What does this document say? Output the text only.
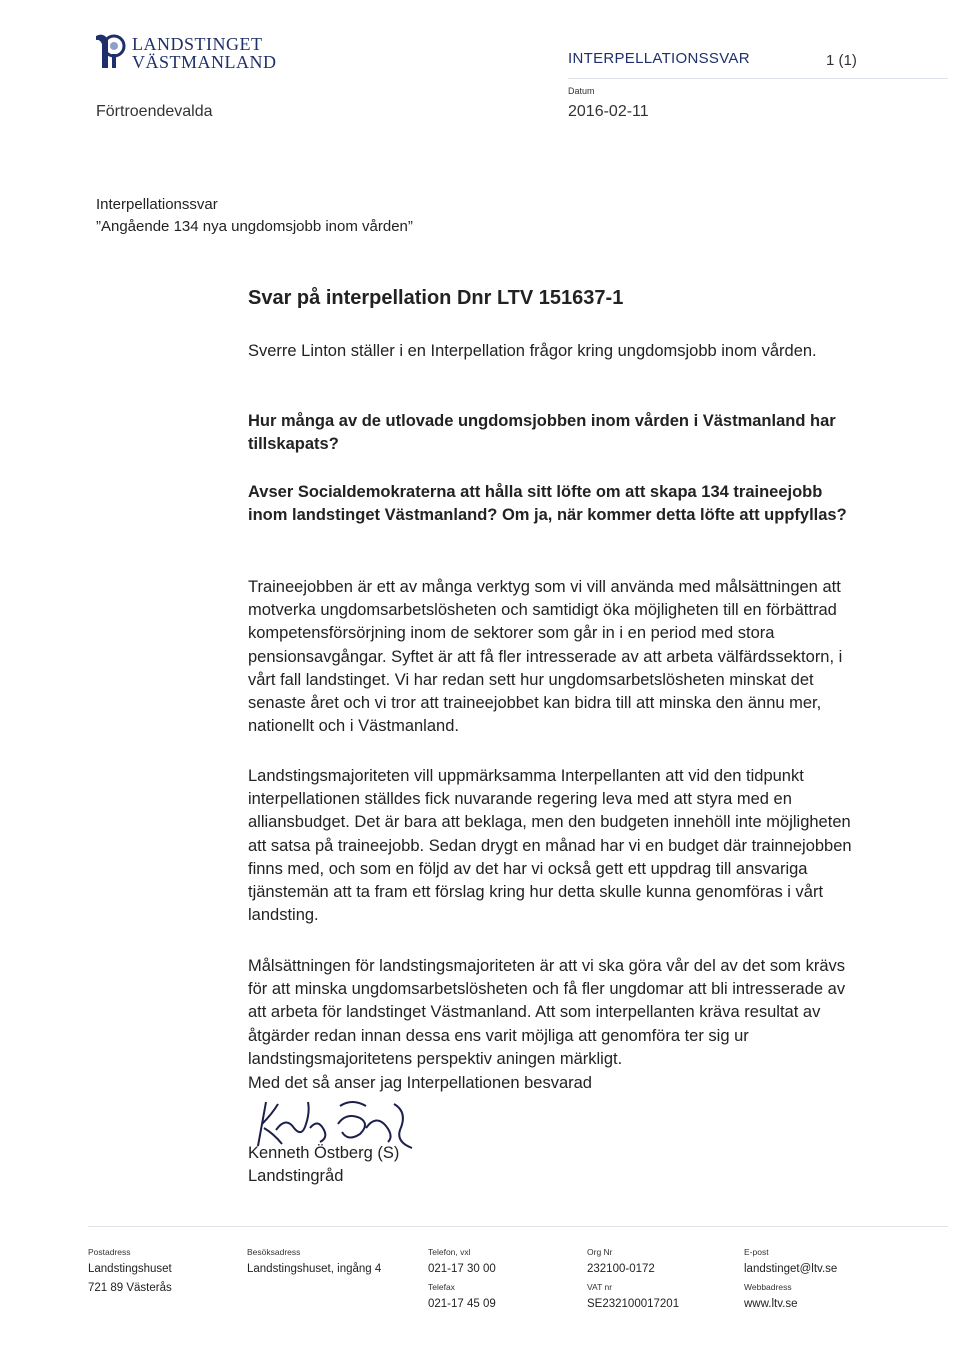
LANDSTINGET
VÄSTMANLAND	INTERPELLATIONSSVAR	1 (1)
Datum
2016-02-11
Förtroendevalda
Interpellationssvar
”Angående 134 nya ungdomsjobb inom vården”
Svar på interpellation Dnr LTV 151637-1
Sverre Linton ställer i en Interpellation frågor kring ungdomsjobb inom vården.
Hur många av de utlovade ungdomsjobben inom vården i Västmanland har tillskapats?
Avser Socialdemokraterna att hålla sitt löfte om att skapa 134 traineejobb inom landstinget Västmanland? Om ja, när kommer detta löfte att uppfyllas?
Traineejobben är ett av många verktyg som vi vill använda med målsättningen att motverka ungdomsarbetslösheten och samtidigt öka möjligheten till en förbättrad kompetensförsörjning inom de sektorer som går in i en period med stora pensionsavgångar. Syftet är att få fler intresserade av att arbeta välfärdssektorn, i vårt fall landstinget. Vi har redan sett hur ungdomsarbetslösheten minskat det senaste året och vi tror att traineejobbet kan bidra till att minska den ännu mer, nationellt och i Västmanland.
Landstingsmajoriteten vill uppmärksamma Interpellanten att vid den tidpunkt interpellationen ställdes fick nuvarande regering leva med att styra med en alliansbudget. Det är bara att beklaga, men den budgeten innehöll inte möjligheten att satsa på traineejobb. Sedan drygt en månad har vi en budget där trainnejobben finns med, och som en följd av det har vi också gett ett uppdrag till ansvariga tjänstemän att ta fram ett förslag kring hur detta skulle kunna genomföras i vårt landsting.
Målsättningen för landstingsmajoriteten är att vi ska göra vår del av det som krävs för att minska ungdomsarbetslösheten och få fler ungdomar att bli intresserade av att arbeta för landstinget Västmanland. Att som interpellanten kräva resultat av åtgärder redan innan dessa ens varit möjliga att genomföra ter sig ur landstingsmajoritetens perspektiv aningen märkligt.
Med det så anser jag Interpellationen besvarad
Kenneth Östberg (S)
Landstingråd
Postadress
Landstingshuset
721 89 Västerås
Besöksadress
Landstingshuset, ingång 4
Telefon, vxl
021-17 30 00
Telefax
021-17 45 09
Org Nr
232100-0172
VAT nr
SE232100017201
E-post
landstinget@ltv.se
Webbadress
www.ltv.se
